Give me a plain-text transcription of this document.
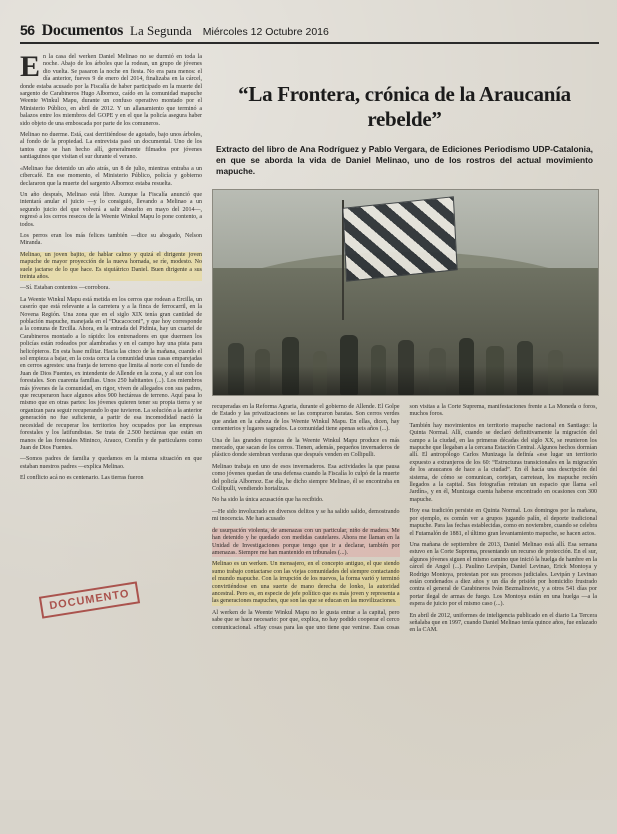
56 Documentos La Segunda Miércoles 12 Octubre 2016

En la casa del werken Daniel Melinao no se durmió en toda la noche. Abajo de los árboles que la rodean, un grupo de jóvenes dio vuelta. Se pasaron la noche en fiesta. No era para menos: el día anterior, fueves 9 de enero del 2014, finalizaba en la cárcel, donde estaba acusado por la Fiscalía de haber participado en la muerte del sargento de Carabineros Hugo Albornoz, caído en la comunidad mapuche Weente Winkul Mapu, durante un confuso operativo montado por el Ministerio Público, en abril de 2012. Y un allanamiento que terminó a balazos entre los miembros del GOPE y en el que la policía asegura haber sido objeto de una emboscada por parte de los comuneros.

Melinao no duerme. Está, casi derritiéndose de agotado, bajo unos árboles, al fondo de la propiedad. La entrevista pasó un documental. Uno de los tantos que se han hecho allí, generalmente filmados por jóvenes santiaguinos que visitan el sur durante el verano.

«Melinao fue detenido un año atrás, un 8 de julio, mientras entraba a un cibercafé. En ese momento, el Ministerio Público, policía y gobierno declararon que la muerte del sargento Albornoz estaba resuelta.

Un año después, Melinao está libre. Aunque la Fiscalía anunció que intentará anular el juicio —y lo consiguió, llevando a Melinao a un segundo juicio del que volverá a salir absuelto en mayo del 2014—, regresó a los cerros resecos de la Weente Winkul Mapu lo pone contento, a todos.

Los perros eran los más felices también —dice su abogado, Nelson Miranda.

Melinao, un joven bajito, de hablar calmo y quizá el dirigente joven mapuche de mayor proyección de la nueva hornada, se ríe, modesto. No suele jactarse de lo que hace. Es siquiátrico Daniel. Buen dirigente a sus treinta años.

—Sí. Estaban contentos —corrobora.

La Weente Winkul Mapu está metida en los cerros que rodean a Ercilla, un caserío que está relevante a la carretera y a la finca de ferrocarril, en la Novena Región. Una zona que en el siglo XIX tenía gran cantidad de población mapuche, manejada en el “Ducacoconi”, y que hoy corresponde a la comuna de Ercilla. Ahora, en la entrada del Pidinia, hay un cuartel de Carabineros montado a lo rápido: los entrenadores en que duermen los policías están rodeados por alambradas y en el campo hay una pista para helicópteros. En esta base militar. Hacia las cinco de la mañana, cuando el sol empieza a bajar, en la costa cerca la comunidad unas casas emparejadas en cerros agrestes: una franja de terreno que limita al norte con el fundo de Juan de Dios Fuentes, ex intendente de Allende en la zona, y al sur con los forestales. Son cuarenta familias. Unos 250 habitantes (...). Los miembros más jóvenes de la comunidad, en rigor, viven de allegados con sus padres, que recuperaron hace algunos años 900 hectáreas de terreno. Aquí pasa lo mismo que en otras partes: los jóvenes quieren tener su propia tierra y se organizan para seguir recuperando lo que tuvieron. La solución a la anterior generación no fue suficiente, a partir de esa incomodidad nació la necesidad de recuperar los territorios hoy ocupados por las empresas forestales y los latifundistas. Se trata de 2.500 hectáreas que están en manos de las forestales Mininco, Arauco, Comfín y de particulares como Juan de Dios Fuentes.

—Somos padres de familia y quedamos en la misma situación en que estaban nuestros padres —explica Melinao.

El conflicto acá no es centenario. Las tierras fueron

DOCUMENTO
“La Frontera, crónica de la Araucanía rebelde”
Extracto del libro de Ana Rodríguez y Pablo Vergara, de Ediciones Periodismo UDP-Catalonia, en que se aborda la vida de Daniel Melinao, uno de los rostros del actual movimiento mapuche.

recuperadas en la Reforma Agraria, durante el gobierno de Allende. El Golpe de Estado y las privatizaciones se las compraron baratas. Son cerros verdes que andan en la cabeza de los Weente Winkul Mapu. En ellas, dicen, hay cementerios y lugares sagrados. La comunidad tiene apenas seis años (...).

Una de las grandes riquezas de la Weente Winkul Mapu produce es más mercado, que sacan de los cerros. Tienen, además, pequeños invernaderos de plástico donde siembran verduras que después venden en Collipulli.

Melinao trabaja en uno de esos invernaderos. Esa actividades la que pausa como jóvenes quedan de una defensa cuando la Fiscalía lo culpó de la muerte del policía Albornoz. Ese día, he dicho siempre Melinao, él se encontraba en Collipulli, vendiendo hortalizas.

No ha sido la única acusación que ha recibido.

—He sido involucrado en diversos delitos y se ha salido salido, demostrando mi inocencia. Me han acusado

de usurpación violenta, de amenazas con un particular, niño de madera. Me han detenido y he quedado con medidas cautelares. Ahora me llaman en la Unidad de Investigaciones porque tengo que ir a declarar, también por amenazas. Siempre me han mantenido en tribunales (...).

Melinao es un werken. Un mensajero, en el concepto antiguo, el que siendo sumo trabajo contactarse con las viejas comunidades del siempre contactando el mundo mapuche. Con la irrupción de los nuevos, la forma varió y terminó convirtiéndose en una suerte de mano derecha de lonko, la autoridad ancestral. Pero es, en especie de jefe político que es más joven y representa a las generaciones mapuches, que son las que se educan en las movilizaciones.

Al werken de la Weente Winkul Mapu no le gusta entrar a la capital, pero sabe que se hace necesario: por que, explica, no hay podido cooperar el cerco comunicacional. «Hay cosas para las que uno tiene que venirse. Esas cosas son visitas a la Corte Suprema, manifestaciones frente a La Moneda o foros, muchos foros.

También hay movimientos en territorio mapuche nacional en Santiago: la Quinta Normal. Allí, cuando se declaró definitivamente la migración del campo a la ciudad, en las primeras décadas del siglo XX, se reunieron los mapuche que llegaban a la cercana Estación Central. Algunos hechos dormían allí. El antropólogo Carlos Munizaga la definía «ese lugar un territorio expuesto a extranjeros de los 60: “Estructuras transicionales en la migración de los araucanos de hace a la ciudad”. En él hacía una descripción del sistema, de cómo se comunican, cortejan, carretean, los mapuche recién llegados a la capital. Sus fotografías retratan un espacio que llama «el Jardín», y en él, Munizaga cuenta haberse encontrado en ocasiones con 300 mapuche.

Hoy esa tradición persiste en Quinta Normal. Los domingos por la mañana, por ejemplo, es común ver a grupos jugando palín, el deporte tradicional mapuche. Para las fechas establecidas, como en noviembre, cuando se celebra el Futamalón de 1881, el último gran levantamiento mapuche, se hacen actos.

Una mañana de septiembre de 2013, Daniel Melinao está allí. Esa semana estuvo en la Corte Suprema, presentando un recurso de protección. En el sur, algunos jóvenes siguen el mismo camino que inició la huelga de hambre en la cárcel de Angol (...). Paulino Levipán, Daniel Levinao, Erick Montoya y Rodrigo Montoya, protestan por sus procesos judiciales. Levipán y Levinao están condenados a diez años y un día de prisión por homicidio frustrado contra el general de Carabineros Iván Bezmalinovic, y a otros 541 días por portar ilegal de armas de fuego. Los Montoya están en una huelga —a la espera de juicio por el mismo caso (...).

En abril de 2012, uniformes de inteligencia publicado en el diario La Tercera señalaba que en 1997, cuando Daniel Melinao tenía quince años, fue enlazado en la CAM.
